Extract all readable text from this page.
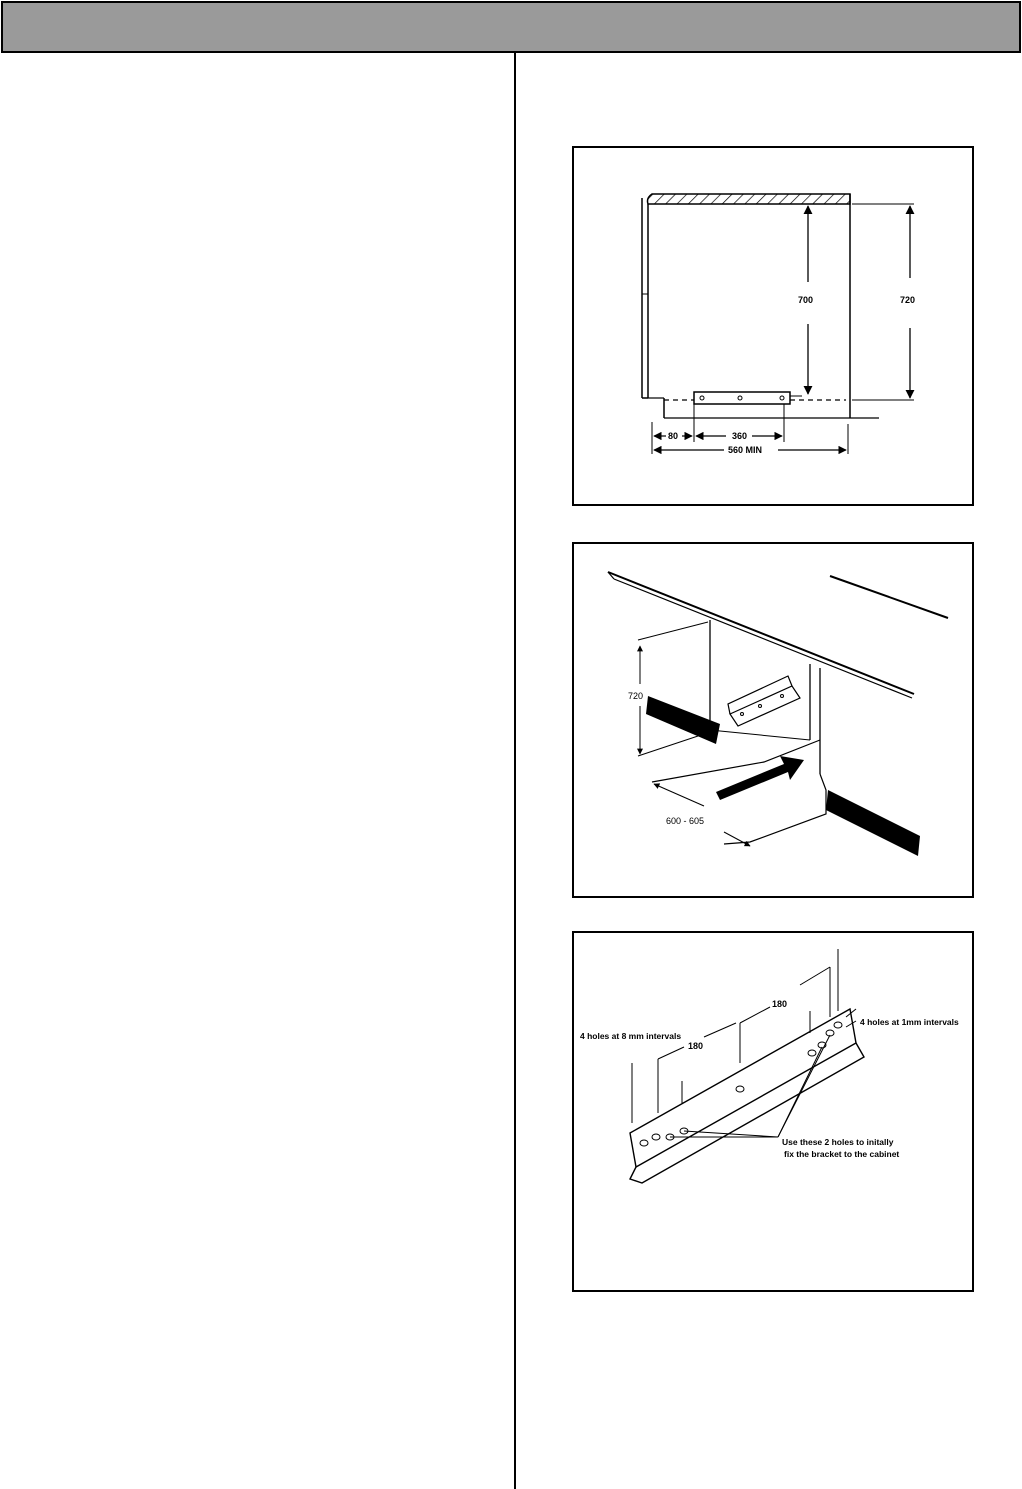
700	720
80	360
560 MIN
720
600 - 605
180
180
4 holes at 8 mm intervals
4 holes at 1mm intervals
Use these 2 holes to initally
fix the bracket to the cabinet
